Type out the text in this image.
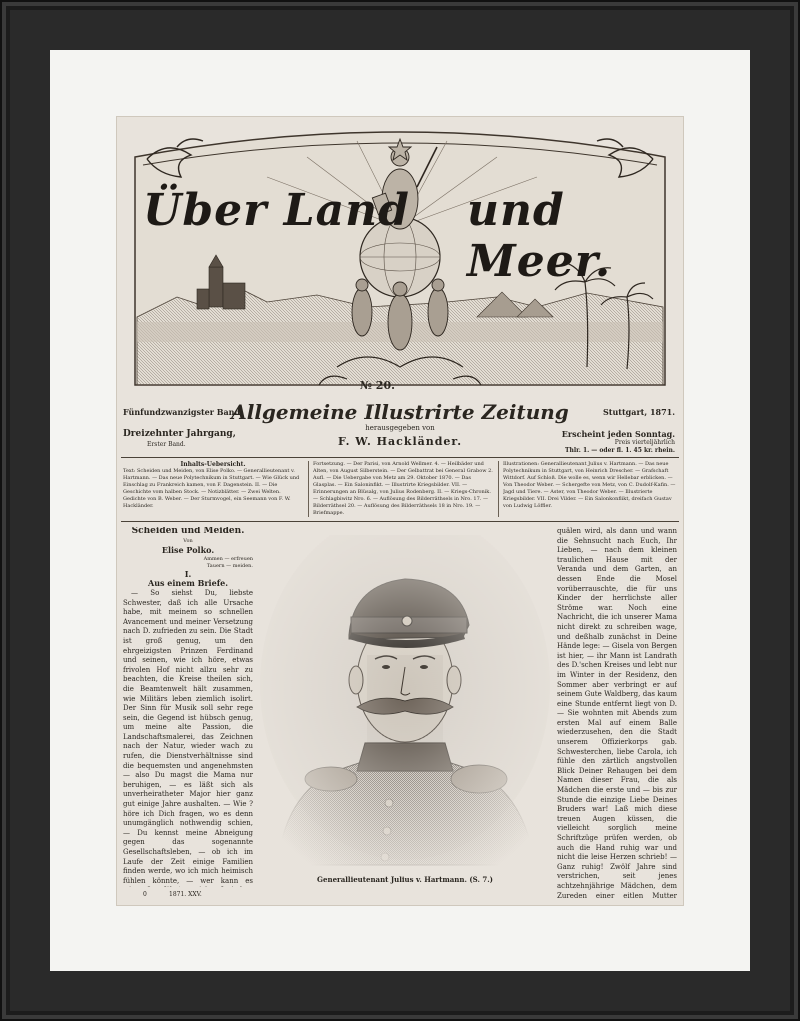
Über Land und Meer.
№ 20.
Fünfundzwanzigster Band.
Dreizehnter Jahrgang,
Erster Band.
Allgemeine Illustrirte Zeitung
herausgegeben von
F. W. Hackländer.
Stuttgart, 1871.
Erscheint jeden Sonntag.
Preis vierteljährlich
Thlr. 1. — oder fl. 1. 45 kr. rhein.
Inhalts-Uebersicht.
Text: Scheiden und Meiden, von Elise Polko. — Generallieutenant v. Hartmann. — Das neue Polytechnikum in Stuttgart. — Wie Glück und Einschlag zu Frankreich kamen, von F. Dagenstein. II. — Die Geschichte vom halben Stock. — Notizblätter. — Zwei Welten. Gedichte von B. Weber. — Der Sturmvogel, ein Seemann von F. W. Hackländer.
Fortsetzung. — Der Parisi, von Arnold Wellmer. 4. — Heilbäder und Alten, von August Silberstein. — Der Gelbattrat bei General Grabow 2. Aufl. — Die Uebergabe von Metz am 29. Oktober 1870. — Das Glasplas. — Ein Saloninfikt. — Illustrirte Kriegsbilder. VII. — Erinnerungen an Blüsalg, von Julius Rodenberg. II. — Kriegs-Chronik. — Schlagbiwitz Nro. 6. — Auflösung des Bilderräthsels in Nro. 17. — Bilderräthsel 20. — Auflösung des Bilderräthsels 18 in Nro. 19. — Briefmappe.
Illustrationen: Generallieutenant Julius v. Hartmann. — Das neue Polytechnikum in Stuttgart, von Heinrich Drescher. — Grafschaft Wittdorf. Auf Schloß. Die wolle es, wenn wir Hellebar erblicken. — Von Theodor Weber. — Schergefte von Metz, von C. Dudolf-Kafin. — Jagd und Tiere. — Aster, von Theodor Weber. — Illustrierte Kriegsbilder. VII. Drei Vilder. — Ein Salonkonflikt, dreifach Gustav von Ludwig Löffler.
Scheiden und Meiden.
Von
Elise Polko.
Ammen — erfreuen
Tauern — meiden.
I.
Aus einem Briefe.
— So siehst Du, liebste Schwester, daß ich alle Ursache habe, mit meinem so schnellen Avancement und meiner Versetzung nach D. zufrieden zu sein. Die Stadt ist groß genug, um den ehrgeizigsten Prinzen Ferdinand und seinen, wie ich höre, etwas frivolen Hof nicht allzu sehr zu beachten, die Kreise theilen sich, die Beamtenwelt hält zusammen, wie Militärs leben ziemlich isolirt. Der Sinn für Musik soll sehr rege sein, die Gegend ist hübsch genug, um meine alte Passion, die Landschaftsmalerei, das Zeichnen nach der Natur, wieder wach zu rufen, die Dienstverhältnisse sind die bequemsten und angenehmsten — also Du magst die Mama nur beruhigen, — es läßt sich als unverheiratheter Major hier ganz gut einige Jahre aushalten. — Wie ? höre ich Dich fragen, wo es denn unumgänglich nothwendig schien, — Du kennst meine Abneigung gegen das sogenannte Gesellschaftsleben, — ob ich im Laufe der Zeit einige Familien finden werde, wo ich mich heimisch fühlen könnte, — wer kann es	Generallieutenant Julius v. Hartmann. (S. 7.)
quälen wird, als dann und wann die Sehnsucht nach Euch, Ihr Lieben, — nach dem kleinen traulichen Hause mit der Veranda und dem Garten, an dessen Ende die Mosel vorüberrauschte, die für uns Kinder der herrlichste aller Ströme war. Noch eine Nachricht, die ich unserer Mama nicht direkt zu schreiben wage, und deßhalb zunächst in Deine Hände lege: — Gisela von Bergen ist hier, — ihr Mann ist Landrath des D.'schen Kreises und lebt nur im Winter in der Residenz, den Sommer aber verbringt er auf seinem Gute Waldberg, das kaum eine Stunde entfernt liegt von D. — Sie wohnten mit Abends zum ersten Mal auf einem Balle wiederzusehen, den die Stadt unserem Offizierkorps gab. Schwesterchen, liebe Carola, ich fühle den zärtlich angstvollen Blick Deiner Rehaugen bei dem Namen dieser Frau, die als Mädchen die erste und — bis zur Stunde die einzige Liebe Deines Bruders war! Laß mich diese treuen Augen küssen, die vielleicht sorglich meine Schriftzüge prüfen werden, ob auch die Hand ruhig war und nicht die leise Herzen schrieb! — Ganz ruhig! Zwölf Jahre sind verstrichen, seit jenes achtzehnjährige Mädchen, dem Zureden einer eitlen Mutter
0	1871. XXV.
